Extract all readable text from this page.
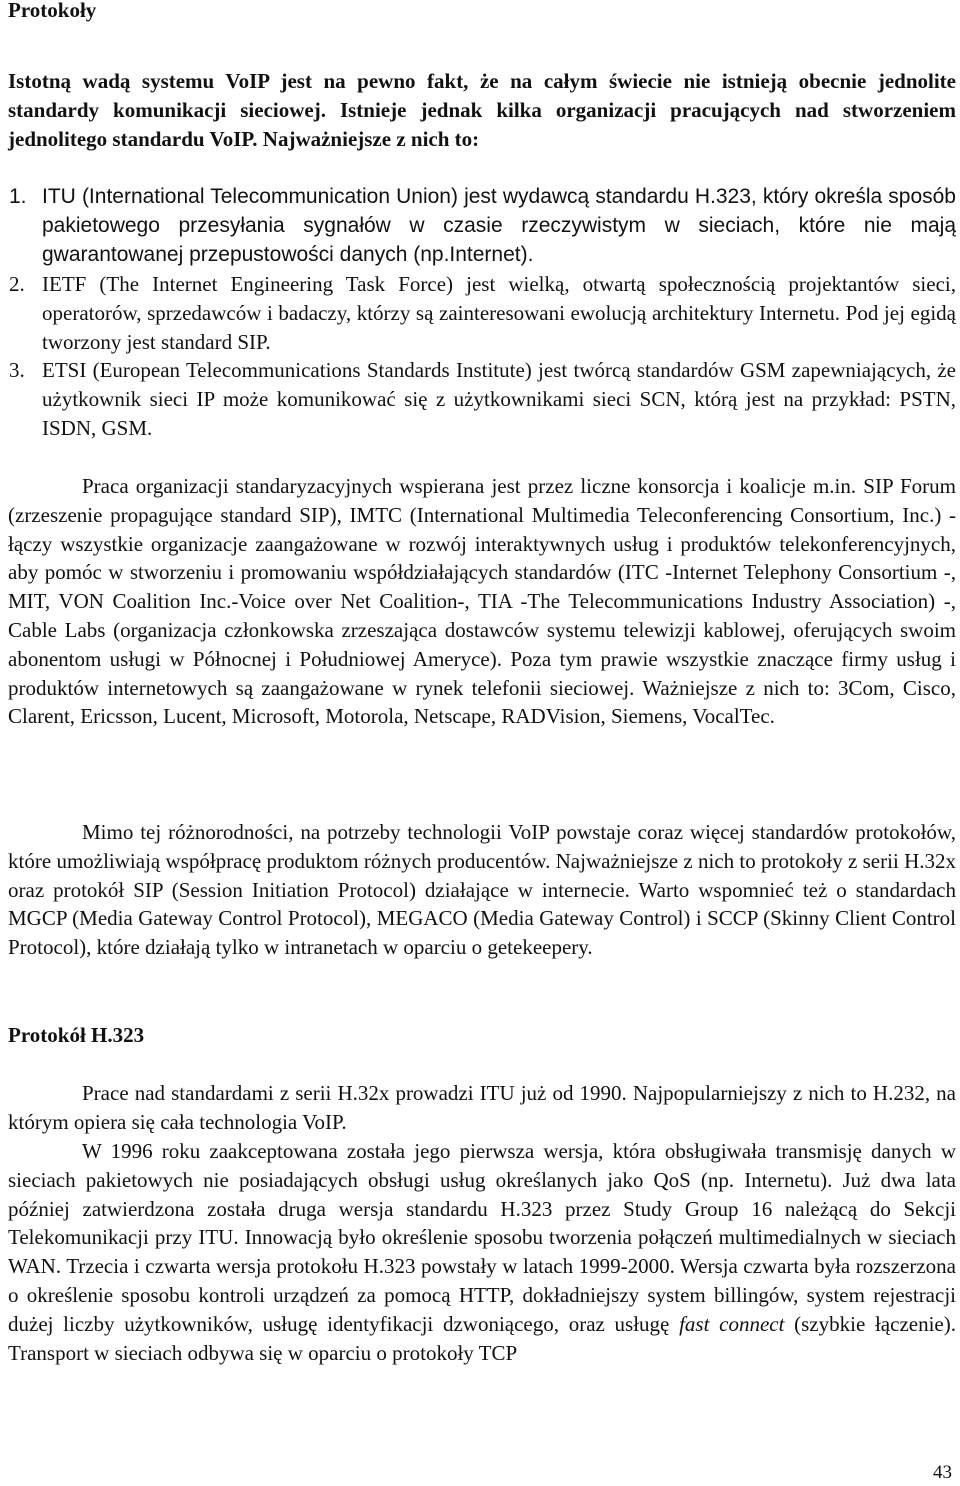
Protokoły
Istotną wadą systemu VoIP jest na pewno fakt, że na całym świecie nie istnieją obecnie jednolite standardy komunikacji sieciowej. Istnieje jednak kilka organizacji pracujących nad stworzeniem jednolitego standardu VoIP. Najważniejsze z nich to:
1. ITU (International Telecommunication Union) jest wydawcą standardu H.323, który określa sposób pakietowego przesyłania sygnałów w czasie rzeczywistym w sieciach, które nie mają gwarantowanej przepustowości danych (np.Internet).
2. IETF (The Internet Engineering Task Force) jest wielką, otwartą społecznością projektantów sieci, operatorów, sprzedawców i badaczy, którzy są zainteresowani ewolucją architektury Internetu. Pod jej egidą tworzony jest standard SIP.
3. ETSI (European Telecommunications Standards Institute) jest twórcą standardów GSM zapewniających, że użytkownik sieci IP może komunikować się z użytkownikami sieci SCN, którą jest na przykład: PSTN, ISDN, GSM.
Praca organizacji standaryzacyjnych wspierana jest przez liczne konsorcja i koalicje m.in. SIP Forum (zrzeszenie propagujące standard SIP), IMTC (International Multimedia Teleconferencing Consortium, Inc.) - łączy wszystkie organizacje zaangażowane w rozwój interaktywnych usług i produktów telekonferencyjnych, aby pomóc w stworzeniu i promowaniu współdziałających standardów (ITC -Internet Telephony Consortium -, MIT, VON Coalition Inc.-Voice over Net Coalition-, TIA -The Telecommunications Industry Association) -, Cable Labs (organizacja członkowska zrzeszająca dostawców systemu telewizji kablowej, oferujących swoim abonentom usługi w Północnej i Południowej Ameryce). Poza tym prawie wszystkie znaczące firmy usług i produktów internetowych są zaangażowane w rynek telefonii sieciowej. Ważniejsze z nich to: 3Com, Cisco, Clarent, Ericsson, Lucent, Microsoft, Motorola, Netscape, RADVision, Siemens, VocalTec.
Mimo tej różnorodności, na potrzeby technologii VoIP powstaje coraz więcej standardów protokołów, które umożliwiają współpracę produktom różnych producentów. Najważniejsze z nich to protokoły z serii H.32x oraz protokół SIP (Session Initiation Protocol) działające w internecie. Warto wspomnieć też o standardach MGCP (Media Gateway Control Protocol), MEGACO (Media Gateway Control) i SCCP (Skinny Client Control Protocol), które działają tylko w intranetach w oparciu o getekeepery.
Protokół H.323
Prace nad standardami z serii H.32x prowadzi ITU już od 1990. Najpopularniejszy z nich to H.232, na którym opiera się cała technologia VoIP.
W 1996 roku zaakceptowana została jego pierwsza wersja, która obsługiwała transmisję danych w sieciach pakietowych nie posiadających obsługi usług określanych jako QoS (np. Internetu). Już dwa lata później zatwierdzona została druga wersja standardu H.323 przez Study Group 16 należącą do Sekcji Telekomunikacji przy ITU. Innowacją było określenie sposobu tworzenia połączeń multimedialnych w sieciach WAN. Trzecia i czwarta wersja protokołu H.323 powstały w latach 1999-2000. Wersja czwarta była rozszerzona o określenie sposobu kontroli urządzeń za pomocą HTTP, dokładniejszy system billingów, system rejestracji dużej liczby użytkowników, usługę identyfikacji dzwoniącego, oraz usługę fast connect (szybkie łączenie). Transport w sieciach odbywa się w oparciu o protokoły TCP
43
